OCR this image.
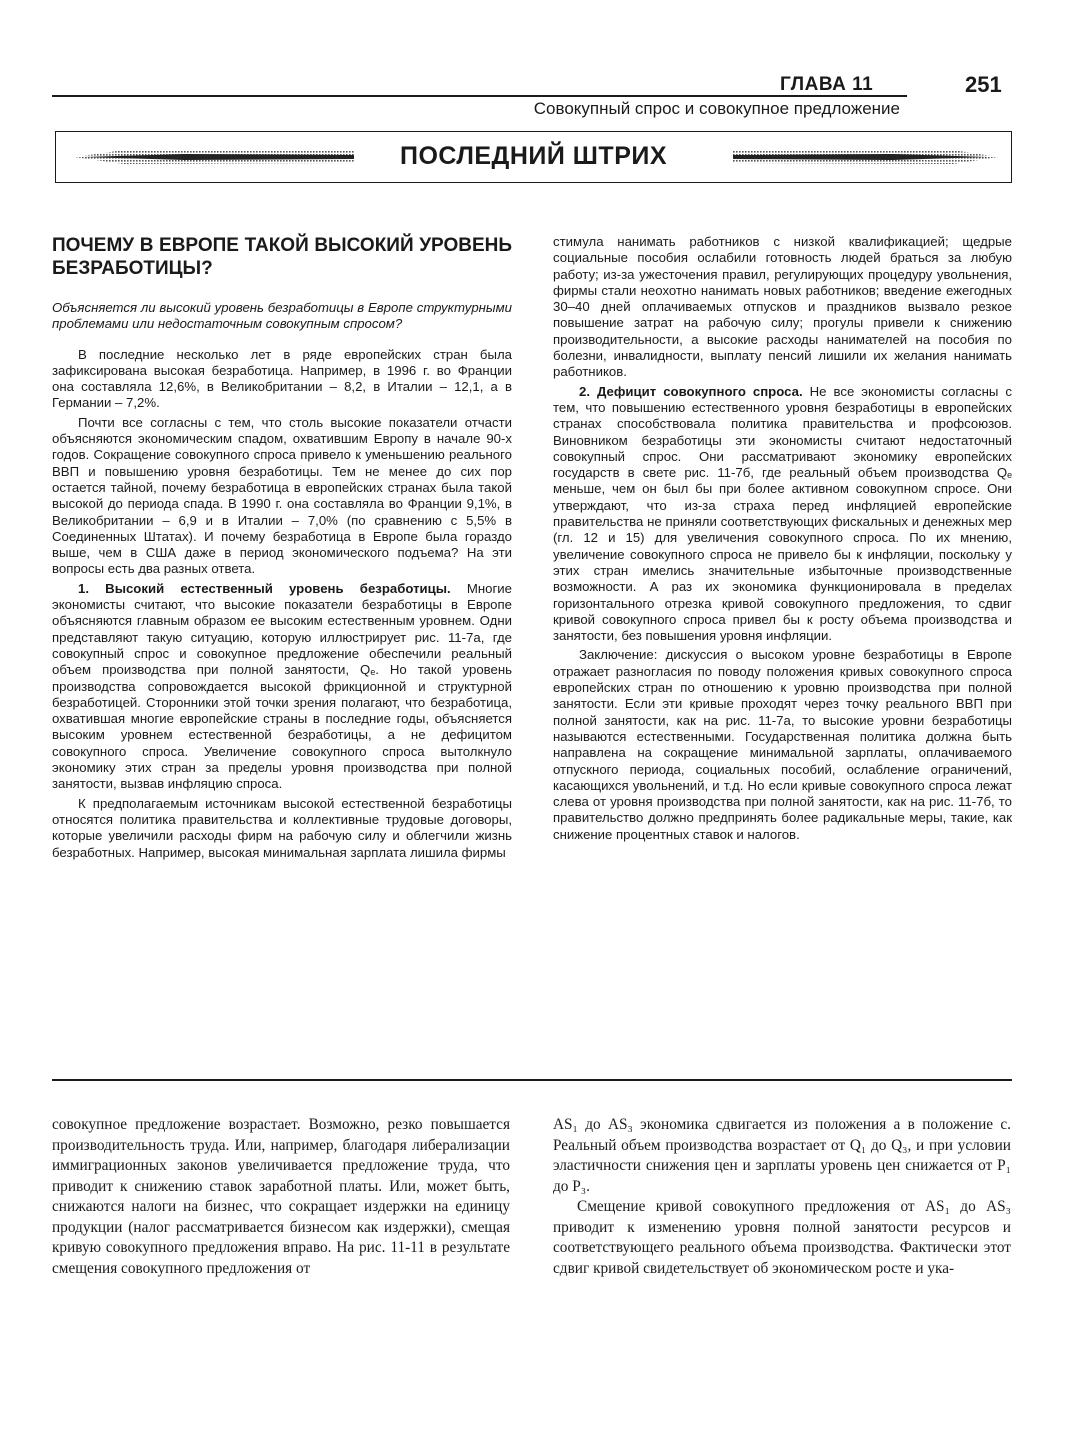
ГЛАВА 11	251
Совокупный спрос и совокупное предложение
ПОСЛЕДНИЙ ШТРИХ
ПОЧЕМУ В ЕВРОПЕ ТАКОЙ ВЫСОКИЙ УРОВЕНЬ БЕЗРАБОТИЦЫ?
Объясняется ли высокий уровень безработицы в Европе структурными проблемами или недостаточным совокупным спросом?

В последние несколько лет в ряде европейских стран была зафиксирована высокая безработица. Например, в 1996 г. во Франции она составляла 12,6%, в Великобритании – 8,2, в Италии – 12,1, а в Германии – 7,2%.

Почти все согласны с тем, что столь высокие показатели отчасти объясняются экономическим спадом, охватившим Европу в начале 90-х годов. Сокращение совокупного спроса привело к уменьшению реального ВВП и повышению уровня безработицы. Тем не менее до сих пор остается тайной, почему безработица в европейских странах была такой высокой до периода спада. В 1990 г. она составляла во Франции 9,1%, в Великобритании – 6,9 и в Италии – 7,0% (по сравнению с 5,5% в Соединенных Штатах). И почему безработица в Европе была гораздо выше, чем в США даже в период экономического подъема? На эти вопросы есть два разных ответа.

1. Высокий естественный уровень безработицы. Многие экономисты считают, что высокие показатели безработицы в Европе объясняются главным образом ее высоким естественным уровнем. Одни представляют такую ситуацию, которую иллюстрирует рис. 11-7а, где совокупный спрос и совокупное предложение обеспечили реальный объем производства при полной занятости, Qₑ. Но такой уровень производства сопровождается высокой фрикционной и структурной безработицей. Сторонники этой точки зрения полагают, что безработица, охватившая многие европейские страны в последние годы, объясняется высоким уровнем естественной безработицы, а не дефицитом совокупного спроса. Увеличение совокупного спроса вытолкнуло экономику этих стран за пределы уровня производства при полной занятости, вызвав инфляцию спроса.

К предполагаемым источникам высокой естественной безработицы относятся политика правительства и коллективные трудовые договоры, которые увеличили расходы фирм на рабочую силу и облегчили жизнь безработных. Например, высокая минимальная зарплата лишила фирмы

стимула нанимать работников с низкой квалификацией; щедрые социальные пособия ослабили готовность людей браться за любую работу; из-за ужесточения правил, регулирующих процедуру увольнения, фирмы стали неохотно нанимать новых работников; введение ежегодных 30–40 дней оплачиваемых отпусков и праздников вызвало резкое повышение затрат на рабочую силу; прогулы привели к снижению производительности, а высокие расходы нанимателей на пособия по болезни, инвалидности, выплату пенсий лишили их желания нанимать работников.

2. Дефицит совокупного спроса. Не все экономисты согласны с тем, что повышению естественного уровня безработицы в европейских странах способствовала политика правительства и профсоюзов. Виновником безработицы эти экономисты считают недостаточный совокупный спрос. Они рассматривают экономику европейских государств в свете рис. 11-7б, где реальный объем производства Qₑ меньше, чем он был бы при более активном совокупном спросе. Они утверждают, что из-за страха перед инфляцией европейские правительства не приняли соответствующих фискальных и денежных мер (гл. 12 и 15) для увеличения совокупного спроса. По их мнению, увеличение совокупного спроса не привело бы к инфляции, поскольку у этих стран имелись значительные избыточные производственные возможности. А раз их экономика функционировала в пределах горизонтального отрезка кривой совокупного предложения, то сдвиг кривой совокупного спроса привел бы к росту объема производства и занятости, без повышения уровня инфляции.

Заключение: дискуссия о высоком уровне безработицы в Европе отражает разногласия по поводу положения кривых совокупного спроса европейских стран по отношению к уровню производства при полной занятости. Если эти кривые проходят через точку реального ВВП при полной занятости, как на рис. 11-7а, то высокие уровни безработицы называются естественными. Государственная политика должна быть направлена на сокращение минимальной зарплаты, оплачиваемого отпускного периода, социальных пособий, ослабление ограничений, касающихся увольнений, и т.д. Но если кривые совокупного спроса лежат слева от уровня производства при полной занятости, как на рис. 11-7б, то правительство должно предпринять более радикальные меры, такие, как снижение процентных ставок и налогов.

совокупное предложение возрастает. Возможно, резко повышается производительность труда. Или, например, благодаря либерализации иммиграционных законов увеличивается предложение труда, что приводит к снижению ставок заработной платы. Или, может быть, снижаются налоги на бизнес, что сокращает издержки на единицу продукции (налог рассматривается бизнесом как издержки), смещая кривую совокупного предложения вправо. На рис. 11-11 в результате смещения совокупного предложения от

AS₁ до AS₃ экономика сдвигается из положения a в положение c. Реальный объем производства возрастает от Q₁ до Q₃, и при условии эластичности снижения цен и зарплаты уровень цен снижается от P₁ до P₃.

Смещение кривой совокупного предложения от AS₁ до AS₃ приводит к изменению уровня полной занятости ресурсов и соответствующего реального объема производства. Фактически этот сдвиг кривой свидетельствует об экономическом росте и ука-
